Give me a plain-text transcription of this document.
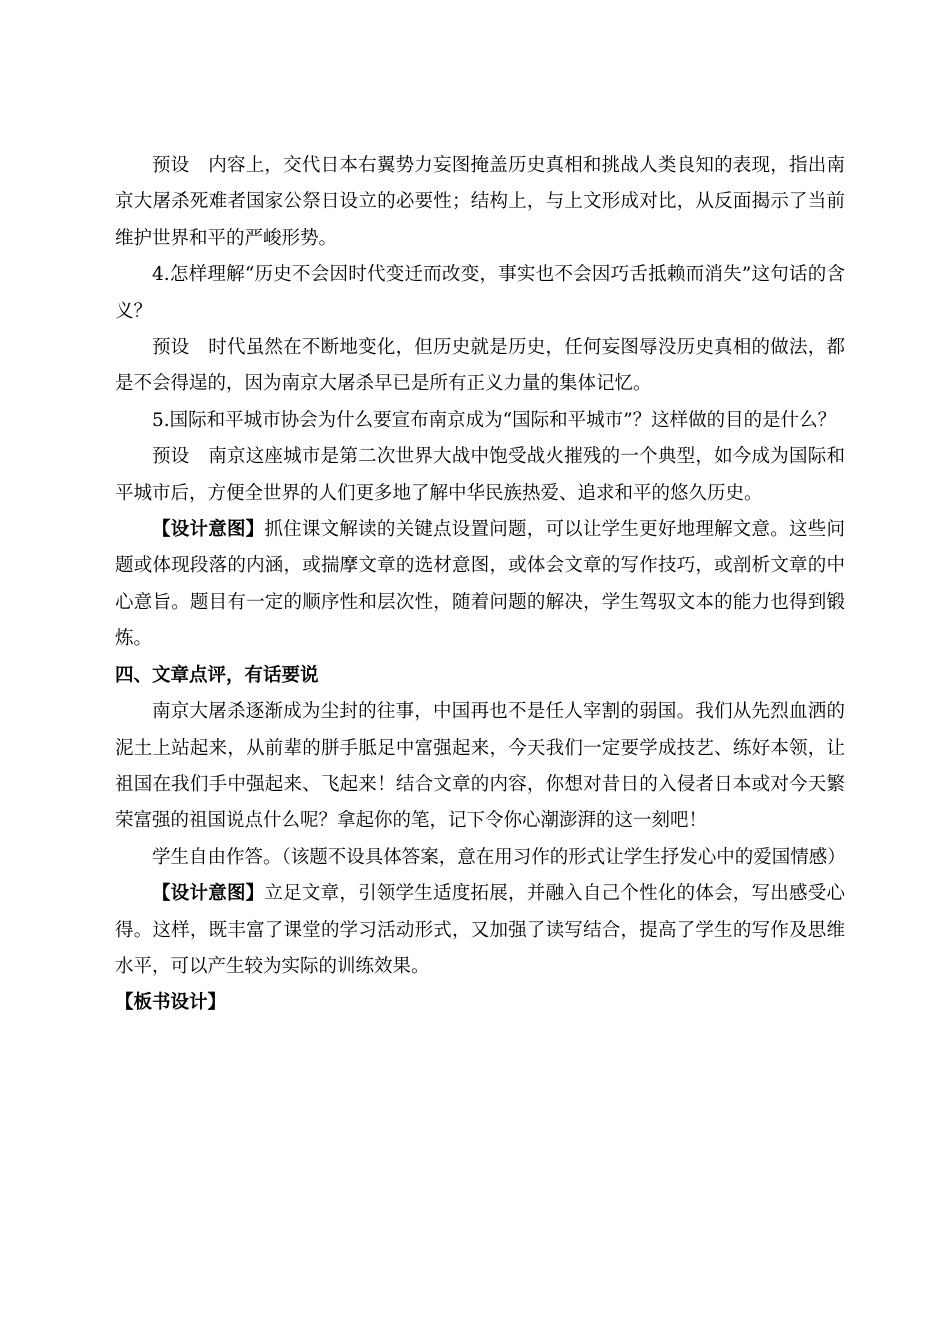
预设 内容上，交代日本右翼势力妄图掩盖历史真相和挑战人类良知的表现，指出南京大屠杀死难者国家公祭日设立的必要性；结构上，与上文形成对比，从反面揭示了当前维护世界和平的严峻形势。

4.怎样理解“历史不会因时代变迁而改变，事实也不会因巧舌抵赖而消失”这句话的含义？

预设 时代虽然在不断地变化，但历史就是历史，任何妄图辱没历史真相的做法，都是不会得逞的，因为南京大屠杀早已是所有正义力量的集体记忆。

5.国际和平城市协会为什么要宣布南京成为“国际和平城市”？这样做的目的是什么？

预设 南京这座城市是第二次世界大战中饱受战火摧残的一个典型，如今成为国际和平城市后，方便全世界的人们更多地了解中华民族热爱、追求和平的悠久历史。

【设计意图】抓住课文解读的关键点设置问题，可以让学生更好地理解文意。这些问题或体现段落的内涵，或揣摩文章的选材意图，或体会文章的写作技巧，或剖析文章的中心意旨。题目有一定的顺序性和层次性，随着问题的解决，学生驾驭文本的能力也得到锻炼。

四、文章点评，有话要说

南京大屠杀逐渐成为尘封的往事，中国再也不是任人宰割的弱国。我们从先烈血洒的泥土上站起来，从前辈的胼手胝足中富强起来，今天我们一定要学成技艺、练好本领，让祖国在我们手中强起来、飞起来！结合文章的内容，你想对昔日的入侵者日本或对今天繁荣富强的祖国说点什么呢？拿起你的笔，记下令你心潮澎湃的这一刻吧！

学生自由作答。（该题不设具体答案，意在用习作的形式让学生抒发心中的爱国情感）

【设计意图】立足文章，引领学生适度拓展，并融入自己个性化的体会，写出感受心得。这样，既丰富了课堂的学习活动形式，又加强了读写结合，提高了学生的写作及思维水平，可以产生较为实际的训练效果。

【板书设计】
